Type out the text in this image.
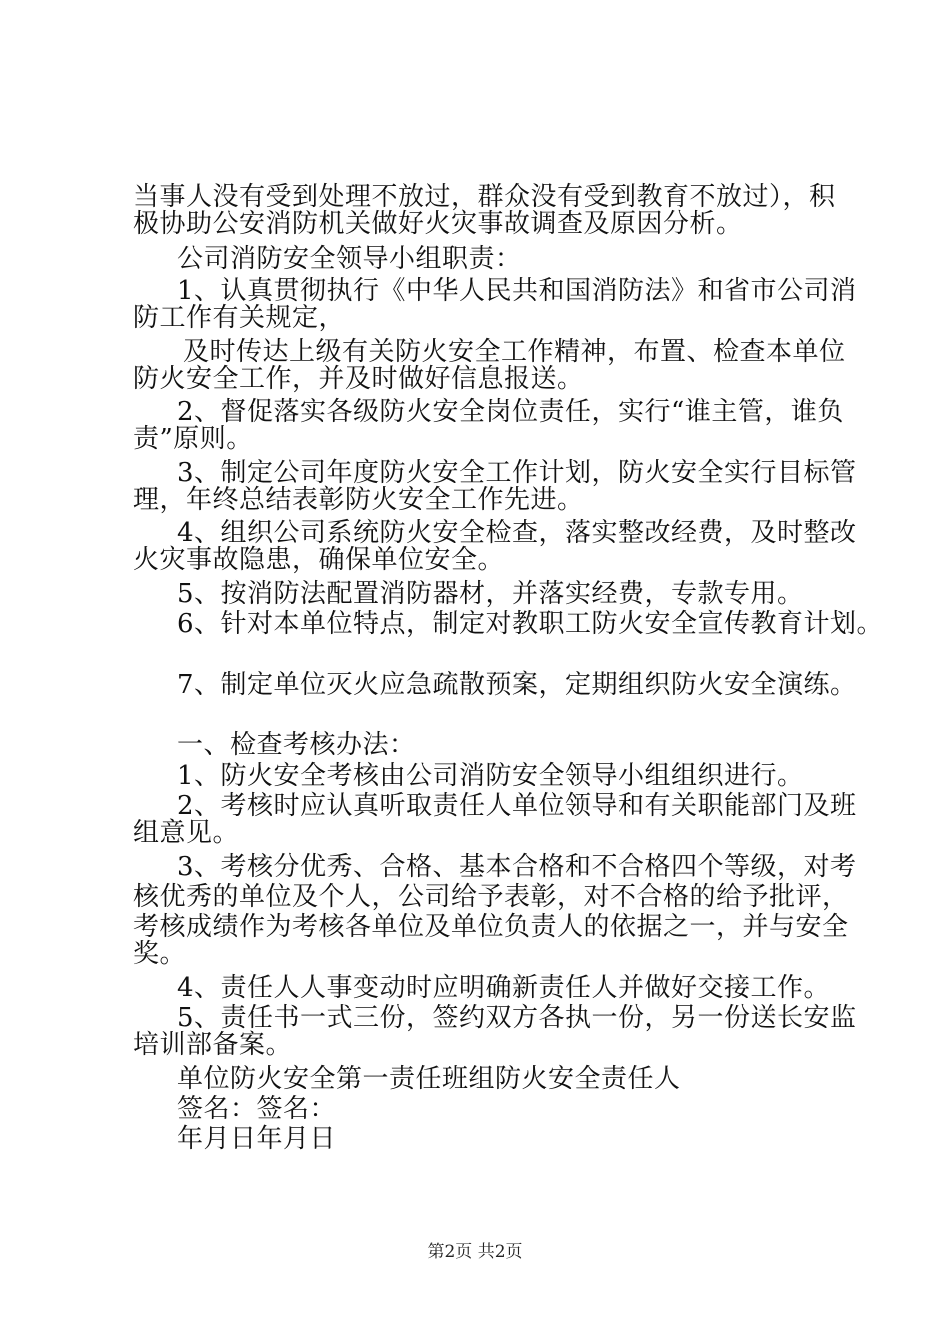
当事人没有受到处理不放过，群众没有受到教育不放过），积
极协助公安消防机关做好火灾事故调查及原因分析。
公司消防安全领导小组职责：
1、认真贯彻执行《中华人民共和国消防法》和省市公司消
防工作有关规定，
及时传达上级有关防火安全工作精神，布置、检查本单位
防火安全工作，并及时做好信息报送。
2、督促落实各级防火安全岗位责任，实行“谁主管，谁负
责”原则。
3、制定公司年度防火安全工作计划，防火安全实行目标管
理，年终总结表彰防火安全工作先进。
4、组织公司系统防火安全检查，落实整改经费，及时整改
火灾事故隐患，确保单位安全。
5、按消防法配置消防器材，并落实经费，专款专用。
6、针对本单位特点，制定对教职工防火安全宣传教育计划。
7、制定单位灭火应急疏散预案，定期组织防火安全演练。
一、检查考核办法：
1、防火安全考核由公司消防安全领导小组组织进行。
2、考核时应认真听取责任人单位领导和有关职能部门及班
组意见。
3、考核分优秀、合格、基本合格和不合格四个等级，对考
核优秀的单位及个人，公司给予表彰，对不合格的给予批评，
考核成绩作为考核各单位及单位负责人的依据之一，并与安全
奖。
4、责任人人事变动时应明确新责任人并做好交接工作。
5、责任书一式三份，签约双方各执一份，另一份送长安监
培训部备案。
单位防火安全第一责任班组防火安全责任人
签名：签名：
年月日年月日
第2页 共2页
